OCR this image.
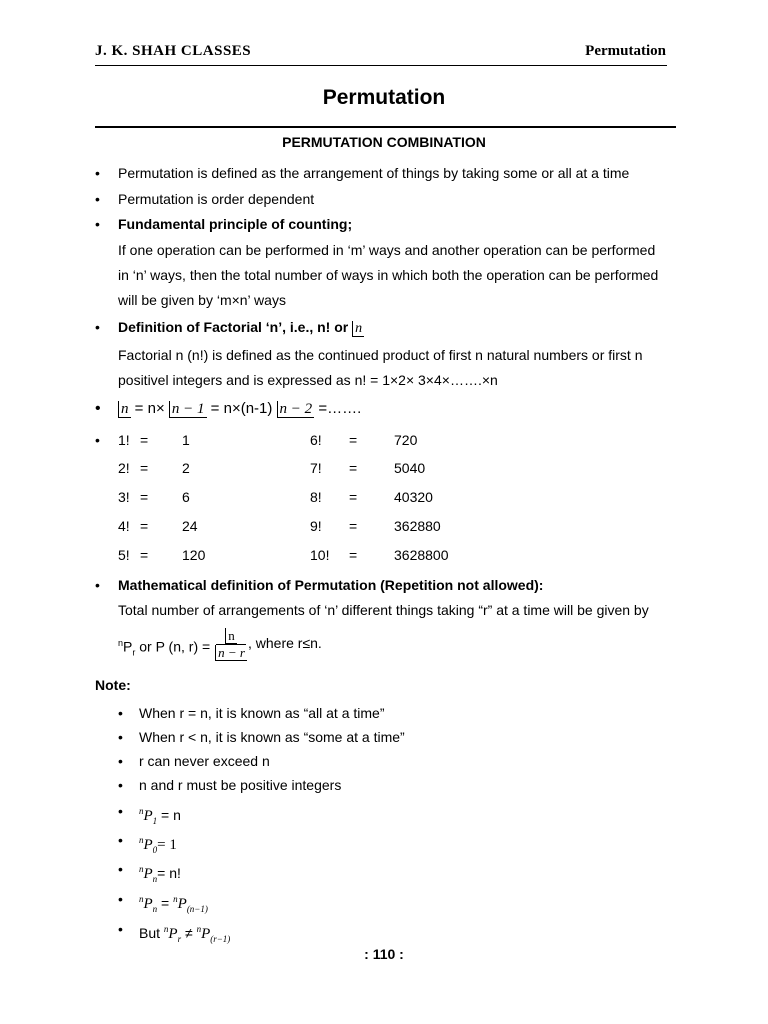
J. K. SHAH CLASSES	Permutation
Permutation
PERMUTATION COMBINATION
• Permutation is defined as the arrangement of things by taking some or all at a time
• Permutation is order dependent
• Fundamental principle of counting;
If one operation can be performed in ‘m’ ways and another operation can be performed
in ‘n’ ways, then the total number of ways in which both the operation can be performed
will be given by ‘m×n’ ways
• Definition of Factorial ‘n’, i.e., n! or n
Factorial n (n!) is defined as the continued product of first n natural numbers or first n
positivel integers and is expressed as n! = 1×2× 3×4×…….×n
• n = n× n − 1 = n×(n-1) n − 2 =…….
• 1! = 1	6! =	720
2! = 2	7! =	5040
3! = 6	8! =	40320
4! = 24	9! =	362880
5! = 120	10! =	3628800
• Mathematical definition of Permutation (Repetition not allowed):
Total number of arrangements of ‘n’ different things taking “r” at a time will be given by
$^nP_r$ or P (n, r) =
n
n − r
, where r≤n.
Note:
• When r = n, it is known as “all at a time”
• When r < n, it is known as “some at a time”
• r can never exceed n
• n and r must be positive integers
• $^nP_1 = n$
• $^nP_0= 1$
• $^nP_n= n$!
• $^nP_n = ^nP_{(n-1)}$
• But $^nP_r \ne ^nP_{(r-1)}$
: 110 :
